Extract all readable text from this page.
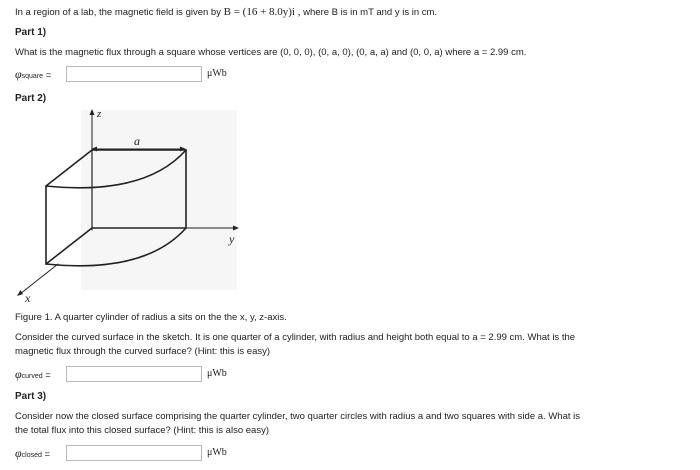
In a region of a lab, the magnetic field is given by B = (16 + 8.0y)i , where B is in mT and y is in cm.
Part 1)
What is the magnetic flux through a square whose vertices are (0, 0, 0), (0, a, 0), (0, a, a) and (0, 0, a) where a = 2.99 cm.
φsquare =	μWb
Part 2)
z
a
y
x
Figure 1. A quarter cylinder of radius a sits on the the x, y, z-axis.
Consider the curved surface in the sketch. It is one quarter of a cylinder, with radius and height both equal to a = 2.99 cm. What is the
magnetic flux through the curved surface? (Hint: this is easy)
φcurved =	μWb
Part 3)
Consider now the closed surface comprising the quarter cylinder, two quarter circles with radius a and two squares with side a. What is
the total flux into this closed surface? (Hint: this is also easy)
φclosed =	μWb
